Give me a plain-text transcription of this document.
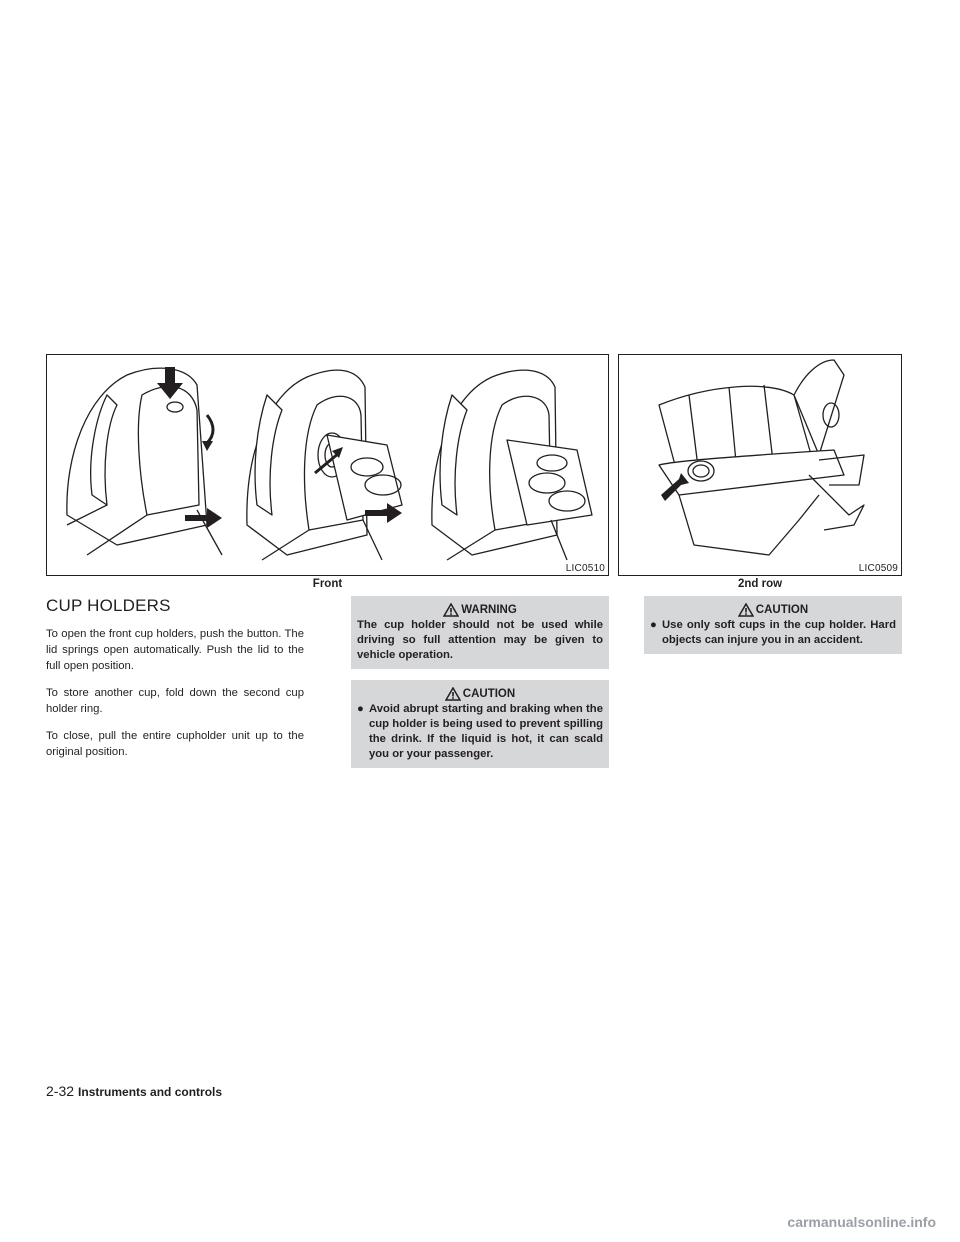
LIC0510	LIC0509
Front	2nd row
CUP HOLDERS

To open the front cup holders, push the button. The lid springs open automatically. Push the lid to the full open position.

To store another cup, fold down the second cup holder ring.

To close, pull the entire cupholder unit up to the original position.

WARNING
The cup holder should not be used while driving so full attention may be given to vehicle operation.
CAUTION
● Avoid abrupt starting and braking when the cup holder is being used to prevent spilling the drink. If the liquid is hot, it can scald you or your passenger.
CAUTION
● Use only soft cups in the cup holder. Hard objects can injure you in an accident.
2-32 Instruments and controls
carmanualsonline.info
